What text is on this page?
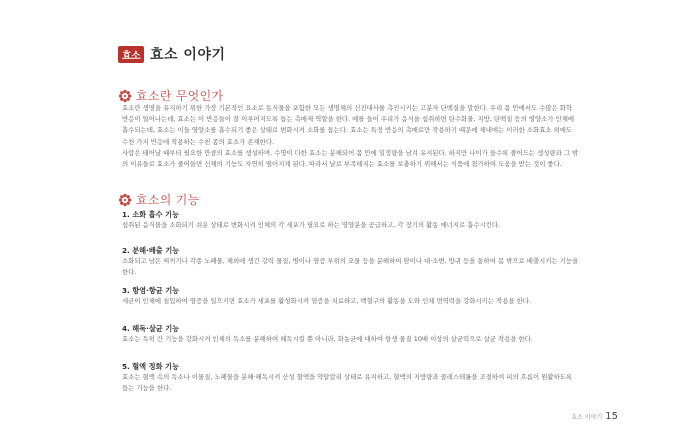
효소 효소 이야기
효소란 무엇인가

효소란 생명을 유지하기 위한 가장 기본적인 요소로 동식물을 포함한 모든 생명체의 신진대사를 촉진시키는 고분자 단백질을 말한다. 우리 몸 안에서도 수많은 화학 반응이 일어나는데, 효소는 이 반응들이 잘 이루어지도록 돕는 촉매제 역할을 한다. 예를 들어 우리가 음식을 섭취하면 탄수화물, 지방, 단백질 등의 영양소가 인체에 흡수되는데, 효소는 이들 영양소를 흡수되기 좋은 상태로 변화시켜 소화를 돕는다. 효소는 특정 반응의 촉매로만 작용하기 때문에 체내에는 이러한 소화효소 외에도 수천 가지 반응에 작용하는 수천 종의 효소가 존재한다.

사람은 태어날 때부터 필요한 만큼의 효소를 생성하며, 수명이 다한 효소는 분해되어 몸 안에 일정량을 남겨 유지된다. 하지만 나이가 들수록 줄어드는 생성량과 그 밖의 이유들로 효소가 줄어들면 신체의 기능도 자연히 떨어지게 된다. 따라서 날로 부족해지는 효소를 보충하기 위해서는 식품에 첨가하여 도움을 받는 것이 좋다.

효소의 기능
1. 소화 흡수 기능
섭취된 음식물을 소화되기 쉬운 상태로 변화시켜 인체의 각 세포가 필요로 하는 영양분을 공급하고, 각 장기의 활동 에너지로 흡수시킨다.
2. 분해·배출 기능
소화되고 남은 찌꺼기나 각종 노폐물, 체외에 생긴 강력 물질, 병이나 염증 부위의 오물 등을 분해하여 땀이나 대·소변, 방귀 등을 통하여 몸 밖으로 배출시키는 기능을 한다.
3. 항염·항균 기능
세균이 인체에 침입하여 염증을 일으키면 효소가 세포를 활성화시켜 염증을 치료하고, 백혈구의 활동을 도와 인체 면역력을 강화시키는 작용을 한다.
4. 해독·살균 기능
효소는 독히 간 기능을 강화시켜 인체의 독소를 분해하여 해독시킬 뿐 아니라, 화농균에 대하여 항생 물질 10배 이상의 살균력으로 살균 작용을 한다.
5. 혈액 정화 기능
효소는 혈액 속의 독소나 이물질, 노폐물을 분해·해독시켜 산성 혈액을 약알칼리 상태로 유지하고, 혈액의 지방량과 콜레스테롤을 조절하여 피의 흐름이 원활하도록 돕는 기능을 한다.
효소 이야기 15
